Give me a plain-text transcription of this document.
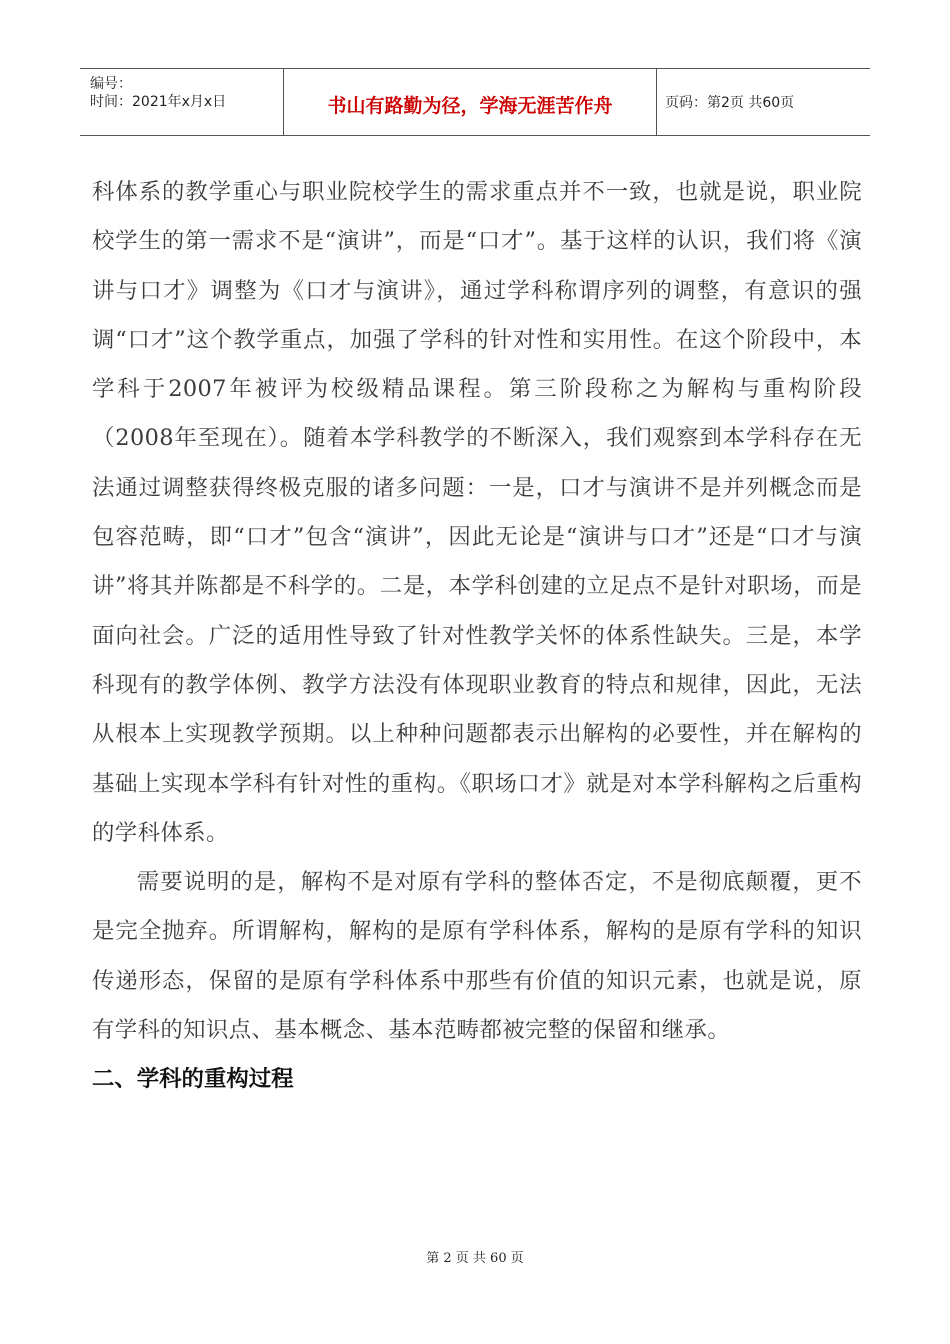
编号：
时间：2021年x月x日	书山有路勤为径，学海无涯苦作舟	页码：第2页 共60页

科体系的教学重心与职业院校学生的需求重点并不一致，也就是说，职业院校学生的第一需求不是“演讲”，而是“口才”。基于这样的认识，我们将《演讲与口才》调整为《口才与演讲》，通过学科称谓序列的调整，有意识的强调“口才”这个教学重点，加强了学科的针对性和实用性。在这个阶段中，本学科于2007年被评为校级精品课程。第三阶段称之为解构与重构阶段（2008年至现在）。随着本学科教学的不断深入，我们观察到本学科存在无法通过调整获得终极克服的诸多问题：一是，口才与演讲不是并列概念而是包容范畴，即“口才”包含“演讲”，因此无论是“演讲与口才”还是“口才与演讲”将其并陈都是不科学的。二是，本学科创建的立足点不是针对职场，而是面向社会。广泛的适用性导致了针对性教学关怀的体系性缺失。三是，本学科现有的教学体例、教学方法没有体现职业教育的特点和规律，因此，无法从根本上实现教学预期。以上种种问题都表示出解构的必要性，并在解构的基础上实现本学科有针对性的重构。《职场口才》就是对本学科解构之后重构的学科体系。

需要说明的是，解构不是对原有学科的整体否定，不是彻底颠覆，更不是完全抛弃。所谓解构，解构的是原有学科体系，解构的是原有学科的知识传递形态，保留的是原有学科体系中那些有价值的知识元素，也就是说，原有学科的知识点、基本概念、基本范畴都被完整的保留和继承。

二、学科的重构过程
第 2 页 共 60 页
